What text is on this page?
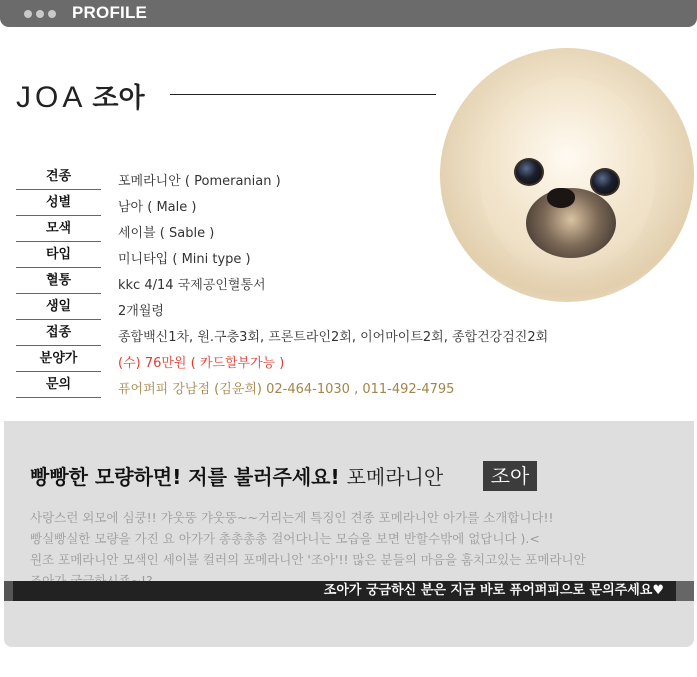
PROFILE
JOA 조아
견종	포메라니안 ( Pomeranian )
성별	남아 ( Male )
모색	세이블 ( Sable )
타입	미니타입 ( Mini type )
혈통	kkc 4/14 국제공인혈통서
생일	2개월령
접종	종합백신1차, 원.구충3회, 프론트라인2회, 이어마이트2회, 종합건강검진2회
분양가	(수) 76만원 ( 카드할부가능 )
문의	퓨어퍼피 강남점 (김윤희) 02-464-1030 , 011-492-4795
빵빵한 모량하면! 저를 불러주세요! 포메라니안	조아

사랑스런 외모에 심쿵!! 갸웃뚱 갸웃뚱~~거리는게 특징인 견종 포메라니안 아가를 소개합니다!!

빵실빵실한 모량을 가진 요 아가가 총총총총 걸어다니는 모습을 보면 반할수밖에 없답니다 ).<

원조 포메라니안 모색인 세이블 컬러의 포메라니안 '조아'!! 많은 분들의 마음을 훔치고있는 포메라니안

조아가 궁금하신 분은 지금 바로 퓨어퍼피으로 문의주세요♥
